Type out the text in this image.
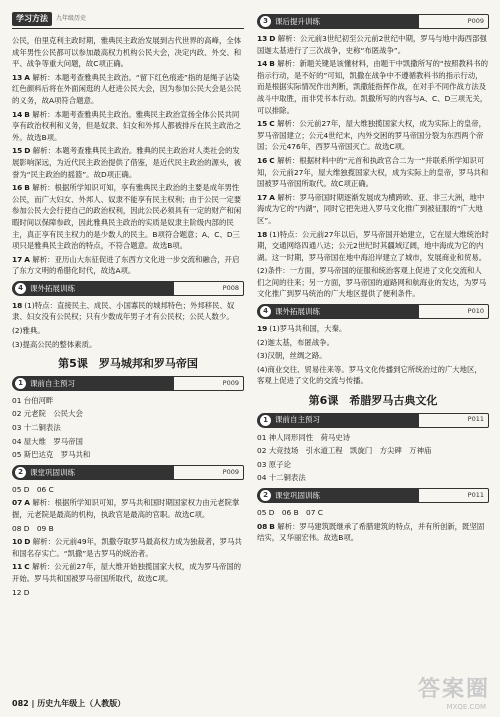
学习方法	九年级历史

公民，伯里克利主政时期，雅典民主政治发展到古代世界的高峰，全体成年男性公民都可以参加最高权力机构公民大会，决定内政、外交、和平、战争等重大问题，故C项正确。

13 A 解析：本题考查雅典民主政治。“留下红色痕迹”指的是绳子沾染红色颜料后将在外面闲逛的人赶进公民大会，因为参加公民大会是公民的义务，故A项符合题意。

14 B 解析：本题考查雅典民主政治。雅典民主政治宣扬全体公民共同享有政治权利和义务，但是奴隶、妇女和外邦人都被排斥在民主政治之外。故选B项。

15 D 解析：本题考查雅典民主政治。雅典的民主政治对人类社会的发展影响深远，为近代民主政治提供了借鉴，是近代民主政治的源头，被誉为“民主政治的摇篮”。故D项正确。

16 B 解析：根据所学知识可知，享有雅典民主政治的主要是成年男性公民，而广大妇女、外邦人、奴隶不能享有民主权利；由于公民一定要参加公民大会行使自己的政治权利，因此公民必须具有一定的财产和闲暇时间以保障参政，因此雅典民主政治的实质是奴隶主阶级内部的民主，真正享有民主权力的是少数人的民主。B项符合题意；A、C、D三项只是雅典民主政治的特点，不符合题意。故选B项。

17 A 解析：亚历山大东征促进了东西方文化进一步交流和融合，开启了东方文明的希腊化时代，故选A项。

4 课外拓展训练	P008

18 (1)特点：直接民主、成民、小国寡民的城邦特色；外邦移民、奴隶、妇女没有公民权；只有少数成年男子才有公民权；公民人数少。

(2)雅典。

(3)提高公民的整体素质。

第5课　罗马城邦和罗马帝国
1 课前自主预习	P009

01 台伯河畔

02 元老院　公民大会

03 十二铜表法

04 屋大维　罗马帝国

05 斯巴达克　罗马共和

2 课堂巩固训练	P009

05 D　06 C

07 A 解析：根据所学知识可知，罗马共和国时期国家权力由元老院掌握，元老院是最高的机构，执政官是最高的官职。故选C项。

08 D　09 B

10 D 解析：公元前49年，凯撒夺取罗马最高权力成为独裁者，罗马共和国名存实亡。“凯撒”是古罗马的统治者。

11 C 解析：公元前27年，屋大维开始独揽国家大权，成为罗马帝国的开始。罗马共和国被罗马帝国所取代，故选C项。

12 D

3 课后提升训练	P009

13 D 解析：公元前3世纪初至公元前2世纪中期，罗马与地中海西部强国迦太基进行了三次战争，史称“布匿战争”。

14 B 解析：新题关键是该懂材料，由题干中凯撒所写的“按照教科书的指示行动，是不好的”可知，凯撒在战争中不遵循教科书的指示行动，而是根据实际情况作出判断，凯撒能指挥作战，在对手不同作战方法及战斗中取胜，而非凭书本行动。凯撒所写的内容与A、C、D三项无关，可以排除。

15 C 解析：公元前27年，屋大维独揽国家大权，成为实际上的皇帝，罗马帝国建立；公元4世纪末，内外交困的罗马帝国分裂为东西两个帝国；公元476年，西罗马帝国灭亡。故选C项。

16 C 解析：根据材料中的“元首和执政官合二为一”并联系所学知识可知，公元前27年，屋大维独揽国家大权，成为实际上的皇帝，罗马共和国被罗马帝国所取代。故C项正确。

17 A 解析：罗马帝国时期逐渐发展成为横跨欧、亚、非三大洲，地中海成为它的“内湖”，同时它把先进入罗马文化推广到被征服的“广大地区”。

18 (1)特点：公元前27年以后，罗马帝国开始建立，它在屋大维统治时期，交通网络四通八达；公元2世纪时其疆域辽阔，地中海成为它的内湖。这一时期，罗马帝国在地中海沿岸建立了城市，发展商业和贸易。

(2)条件：一方面，罗马帝国的征服和统治客观上促进了文化交流和人们之间的往来；另一方面，罗马帝国的道路网和航海业的发达，为罗马文化推广到罗马统治的广大地区提供了便利条件。

4 课外拓展训练	P010

19 (1)罗马共和国，大秦。

(2)迦太基，布匿战争。

(3)汉朝，丝绸之路。

(4)商业交往、贸易往来等。罗马文化传播到它所统治过的广大地区，客观上促进了文化的交流与传播。

第6课　希腊罗马古典文化
1 课前自主预习	P011

01 神人同形同性　荷马史诗

02 大竞技场　引水道工程　凯旋门　方尖碑　万神庙

03 原子论

04 十二铜表法

2 课堂巩固训练	P011

05 D　06 B　07 C

08 B 解析：罗马建筑既继承了希腊建筑的特点，并有所创新，既坚固结实，又华丽宏伟。故选B项。

082 | 历史九年级上（人教版）
答案圈
MXQE.COM
